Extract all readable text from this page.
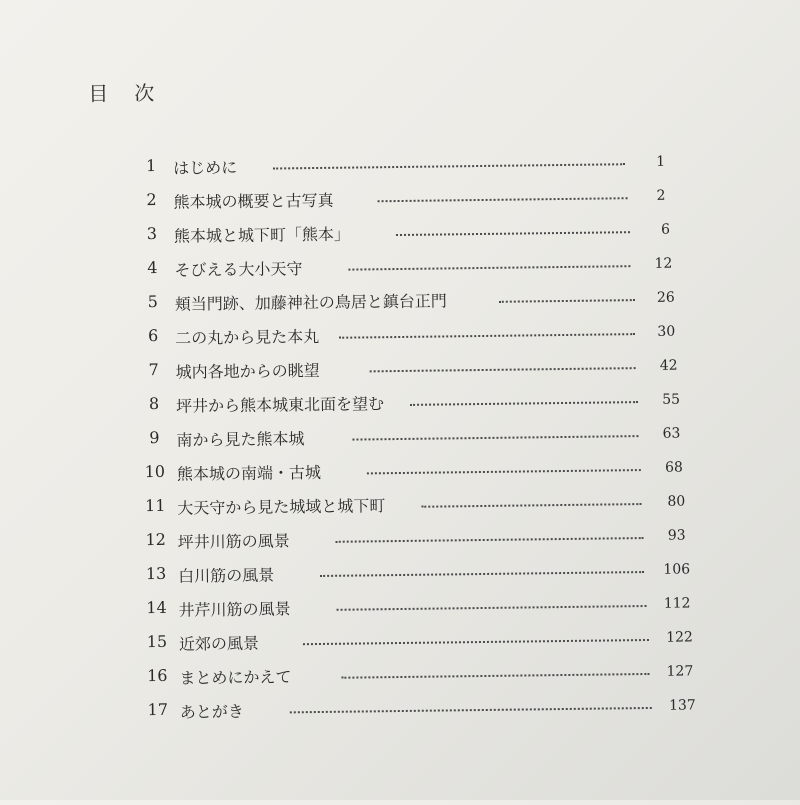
目次
1	はじめに	1
2	熊本城の概要と古写真	2
3	熊本城と城下町「熊本」	6
4	そびえる大小天守	12
5	頬当門跡、加藤神社の鳥居と鎮台正門	26
6	二の丸から見た本丸	30
7	城内各地からの眺望	42
8	坪井から熊本城東北面を望む	55
9	南から見た熊本城	63
10 熊本城の南端・古城	68
11 大天守から見た城域と城下町	80
12 坪井川筋の風景	93
13 白川筋の風景	106
14 井芹川筋の風景	112
15 近郊の風景	122
16 まとめにかえて	127
17 あとがき	137
